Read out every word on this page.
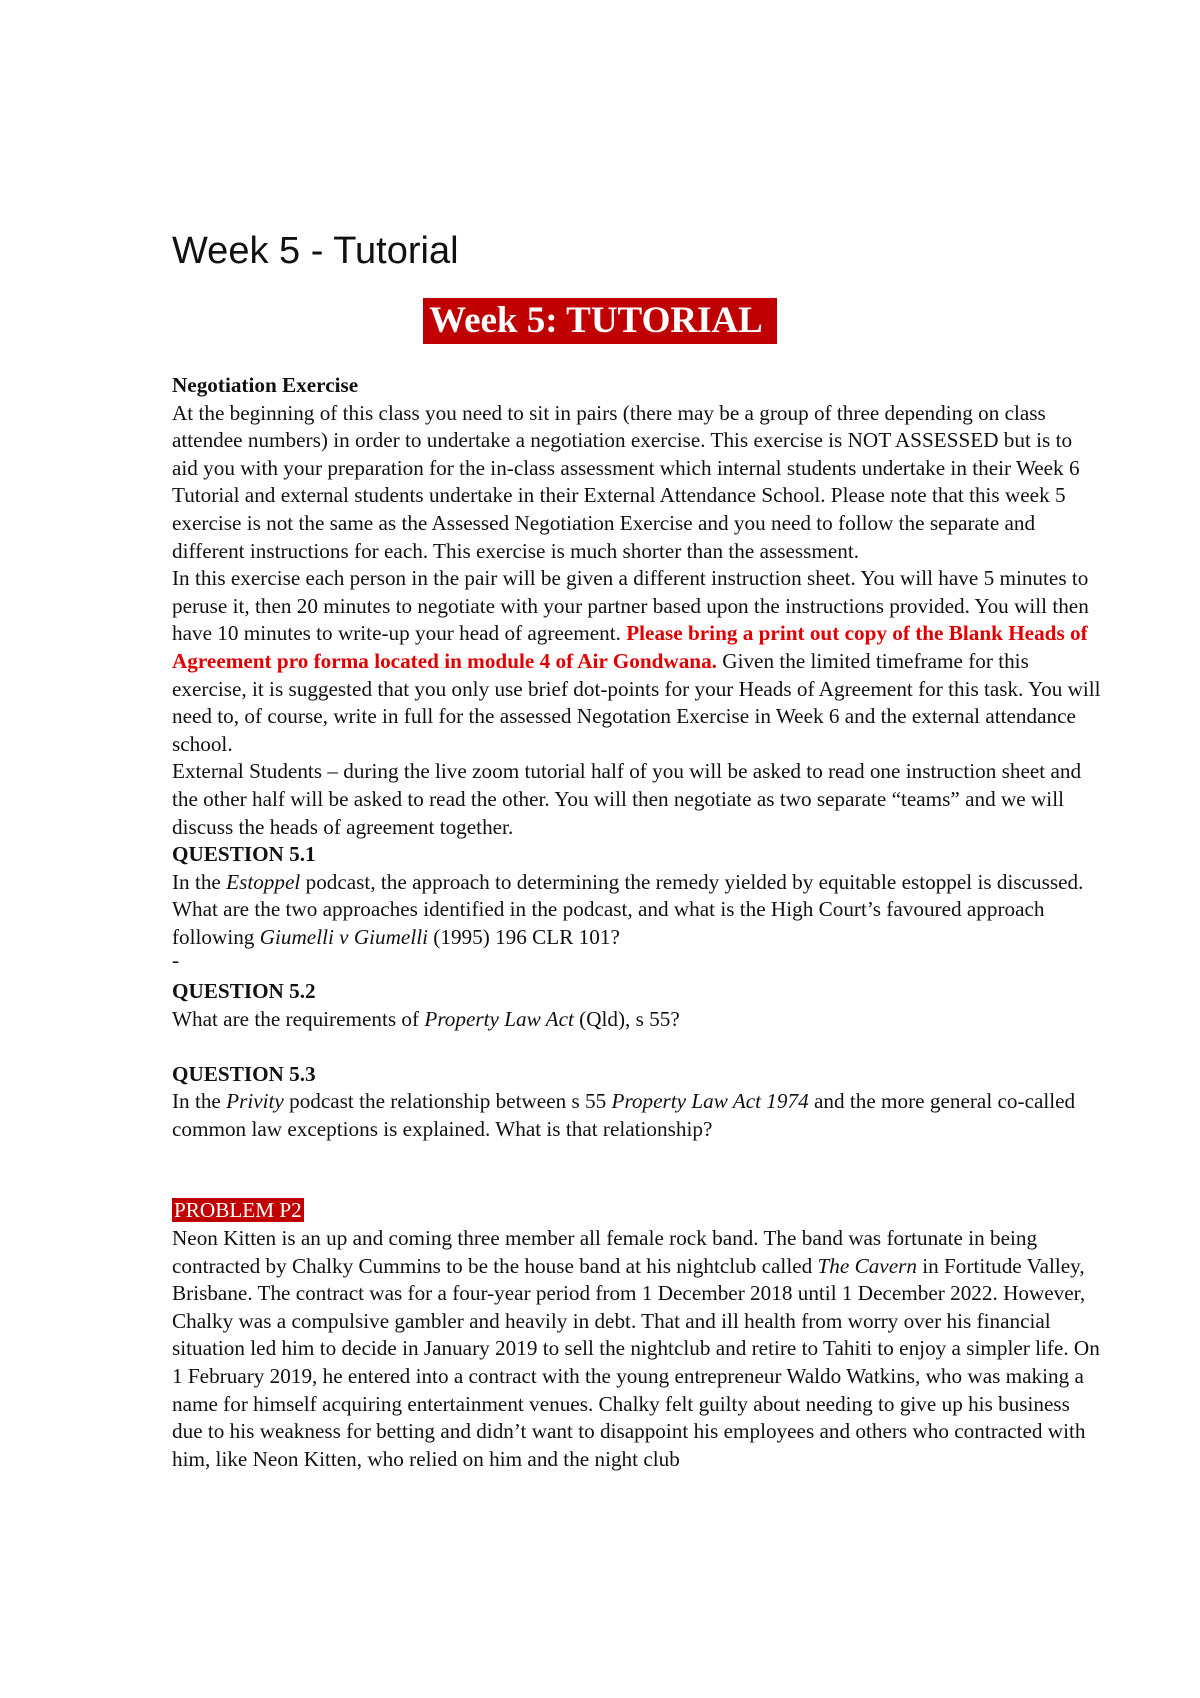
Week 5 - Tutorial
Week 5: TUTORIAL

Negotiation Exercise

At the beginning of this class you need to sit in pairs (there may be a group of three depending on class attendee numbers) in order to undertake a negotiation exercise. This exercise is NOT ASSESSED but is to aid you with your preparation for the in-class assessment which internal students undertake in their Week 6 Tutorial and external students undertake in their External Attendance School. Please note that this week 5 exercise is not the same as the Assessed Negotiation Exercise and you need to follow the separate and different instructions for each. This exercise is much shorter than the assessment.

In this exercise each person in the pair will be given a different instruction sheet. You will have 5 minutes to peruse it, then 20 minutes to negotiate with your partner based upon the instructions provided. You will then have 10 minutes to write-up your head of agreement. Please bring a print out copy of the Blank Heads of Agreement pro forma located in module 4 of Air Gondwana. Given the limited timeframe for this exercise, it is suggested that you only use brief dot-points for your Heads of Agreement for this task. You will need to, of course, write in full for the assessed Negotation Exercise in Week 6 and the external attendance school.

External Students – during the live zoom tutorial half of you will be asked to read one instruction sheet and the other half will be asked to read the other. You will then negotiate as two separate “teams” and we will discuss the heads of agreement together.

QUESTION 5.1

In the Estoppel podcast, the approach to determining the remedy yielded by equitable estoppel is discussed.

What are the two approaches identified in the podcast, and what is the High Court’s favoured approach following Giumelli v Giumelli (1995) 196 CLR 101?

-

QUESTION 5.2

What are the requirements of Property Law Act (Qld), s 55?

QUESTION 5.3

In the Privity podcast the relationship between s 55 Property Law Act 1974 and the more general co-called common law exceptions is explained. What is that relationship?

PROBLEM P2

Neon Kitten is an up and coming three member all female rock band. The band was fortunate in being contracted by Chalky Cummins to be the house band at his nightclub called The Cavern in Fortitude Valley, Brisbane. The contract was for a four-year period from 1 December 2018 until 1 December 2022. However, Chalky was a compulsive gambler and heavily in debt. That and ill health from worry over his financial situation led him to decide in January 2019 to sell the nightclub and retire to Tahiti to enjoy a simpler life. On 1 February 2019, he entered into a contract with the young entrepreneur Waldo Watkins, who was making a name for himself acquiring entertainment venues. Chalky felt guilty about needing to give up his business due to his weakness for betting and didn’t want to disappoint his employees and others who contracted with him, like Neon Kitten, who relied on him and the night club
